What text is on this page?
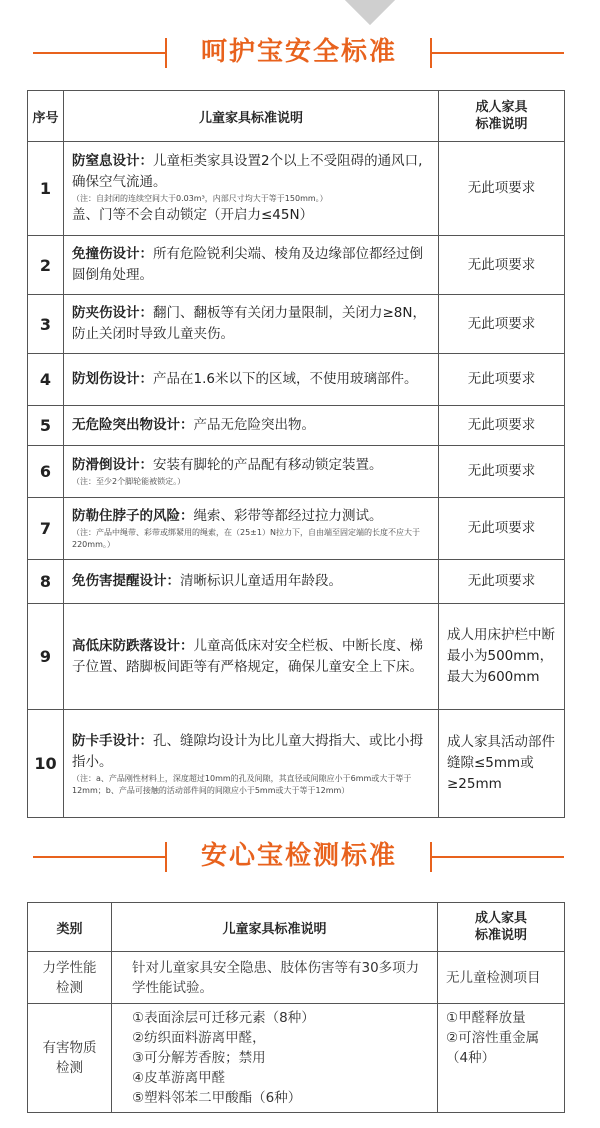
呵护宝安全标准
序号	儿童家具标准说明	成人家具
标准说明
1	防窒息设计：儿童柜类家具设置2个以上不受阻碍的通风口,确保空气流通。
（注：自封闭的连续空间大于0.03m³，内部尺寸均大于等于150mm。）
盖、门等不会自动锁定（开启力≤45N）	无此项要求
2	免撞伤设计：所有危险锐利尖端、棱角及边缘部位都经过倒圆倒角处理。	无此项要求
3	防夹伤设计：翻门、翻板等有关闭力量限制，关闭力≥8N，防止关闭时导致儿童夹伤。	无此项要求
4	防划伤设计：产品在1.6米以下的区域，不使用玻璃部件。	无此项要求
5	无危险突出物设计：产品无危险突出物。	无此项要求
6	防滑倒设计：安装有脚轮的产品配有移动锁定装置。
（注：至少2个脚轮能被锁定。）	无此项要求
7	防勒住脖子的风险：绳索、彩带等都经过拉力测试。
（注：产品中绳带、彩带或绑紧用的绳索，在（25±1）N拉力下，自由端至固定端的长度不应大于220mm。）	无此项要求
8	免伤害提醒设计：清晰标识儿童适用年龄段。	无此项要求
9	高低床防跌落设计：儿童高低床对安全栏板、中断长度、梯子位置、踏脚板间距等有严格规定，确保儿童安全上下床。	成人用床护栏中断最小为500mm，最大为600mm
10	防卡手设计：孔、缝隙均设计为比儿童大拇指大、或比小拇指小。
（注：a、产品刚性材料上，深度超过10mm的孔及间隙，其直径或间隙应小于6mm或大于等于12mm；b、产品可接触的活动部件间的间隙应小于5mm或大于等于12mm）	成人家具活动部件缝隙≤5mm或≥25mm
安心宝检测标准
类别	儿童家具标准说明	成人家具
标准说明
力学性能
检测	针对儿童家具安全隐患、肢体伤害等有30多项力学性能试验。	无儿童检测项目

有害物质
检测	①表面涂层可迁移元素（8种）
②纺织面料游离甲醛，
③可分解芳香胺；禁用
④皮革游离甲醛
⑤塑料邻苯二甲酸酯（6种）	①甲醛释放量
②可溶性重金属
（4种）
